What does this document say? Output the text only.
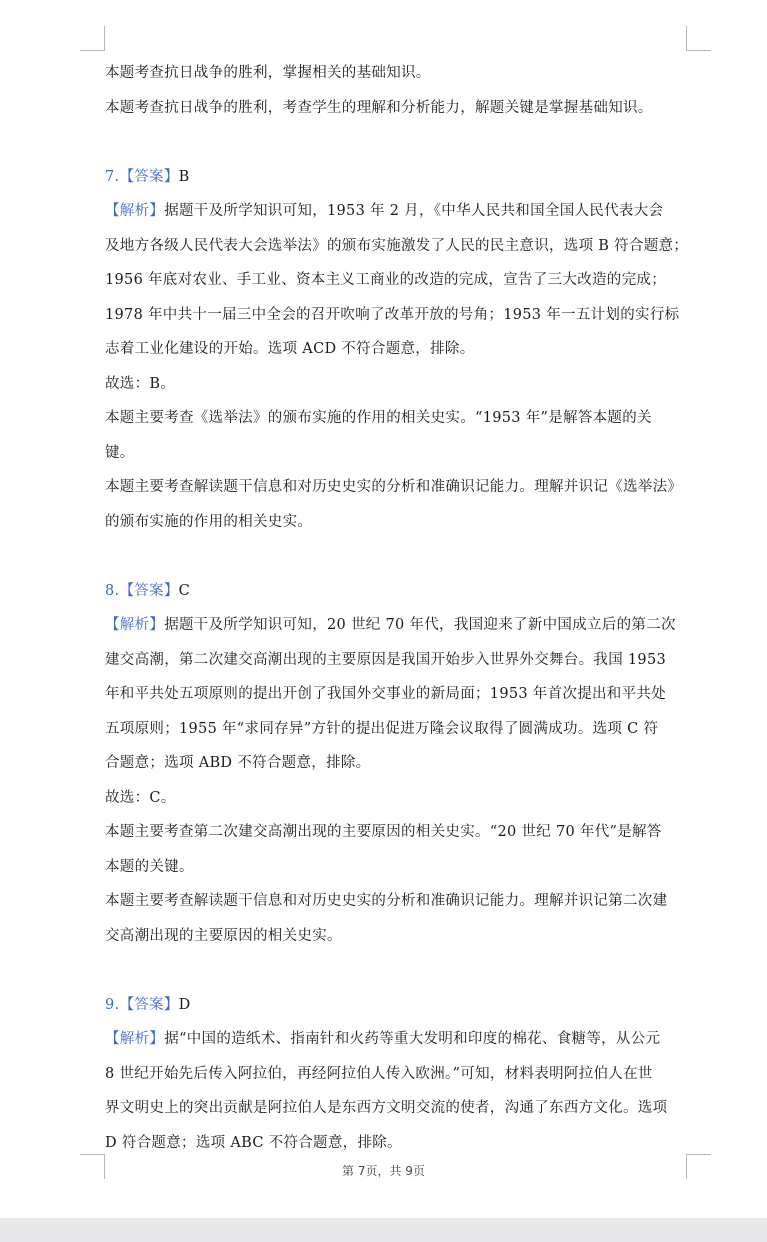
本题考查抗日战争的胜利，掌握相关的基础知识。
本题考查抗日战争的胜利，考查学生的理解和分析能力，解题关键是掌握基础知识。
7.【答案】B
【解析】据题干及所学知识可知，1953 年 2 月，《中华人民共和国全国人民代表大会
及地方各级人民代表大会选举法》的颁布实施激发了人民的民主意识，选项 B 符合题意；
1956 年底对农业、手工业、资本主义工商业的改造的完成，宣告了三大改造的完成；
1978 年中共十一届三中全会的召开吹响了改革开放的号角；1953 年一五计划的实行标
志着工业化建设的开始。选项 ACD 不符合题意，排除。
故选：B。
本题主要考查《选举法》的颁布实施的作用的相关史实。“1953 年”是解答本题的关
键。
本题主要考查解读题干信息和对历史史实的分析和准确识记能力。理解并识记《选举法》
的颁布实施的作用的相关史实。
8.【答案】C
【解析】据题干及所学知识可知，20 世纪 70 年代，我国迎来了新中国成立后的第二次
建交高潮，第二次建交高潮出现的主要原因是我国开始步入世界外交舞台。我国 1953
年和平共处五项原则的提出开创了我国外交事业的新局面；1953 年首次提出和平共处
五项原则；1955 年“求同存异”方针的提出促进万隆会议取得了圆满成功。选项 C 符
合题意；选项 ABD 不符合题意，排除。
故选：C。
本题主要考查第二次建交高潮出现的主要原因的相关史实。“20 世纪 70 年代”是解答
本题的关键。
本题主要考查解读题干信息和对历史史实的分析和准确识记能力。理解并识记第二次建
交高潮出现的主要原因的相关史实。
9.【答案】D
【解析】据“中国的造纸术、指南针和火药等重大发明和印度的棉花、食糖等，从公元
8 世纪开始先后传入阿拉伯，再经阿拉伯人传入欧洲。”可知，材料表明阿拉伯人在世
界文明史上的突出贡献是阿拉伯人是东西方文明交流的使者，沟通了东西方文化。选项
D 符合题意；选项 ABC 不符合题意，排除。
第 7页，共 9页
